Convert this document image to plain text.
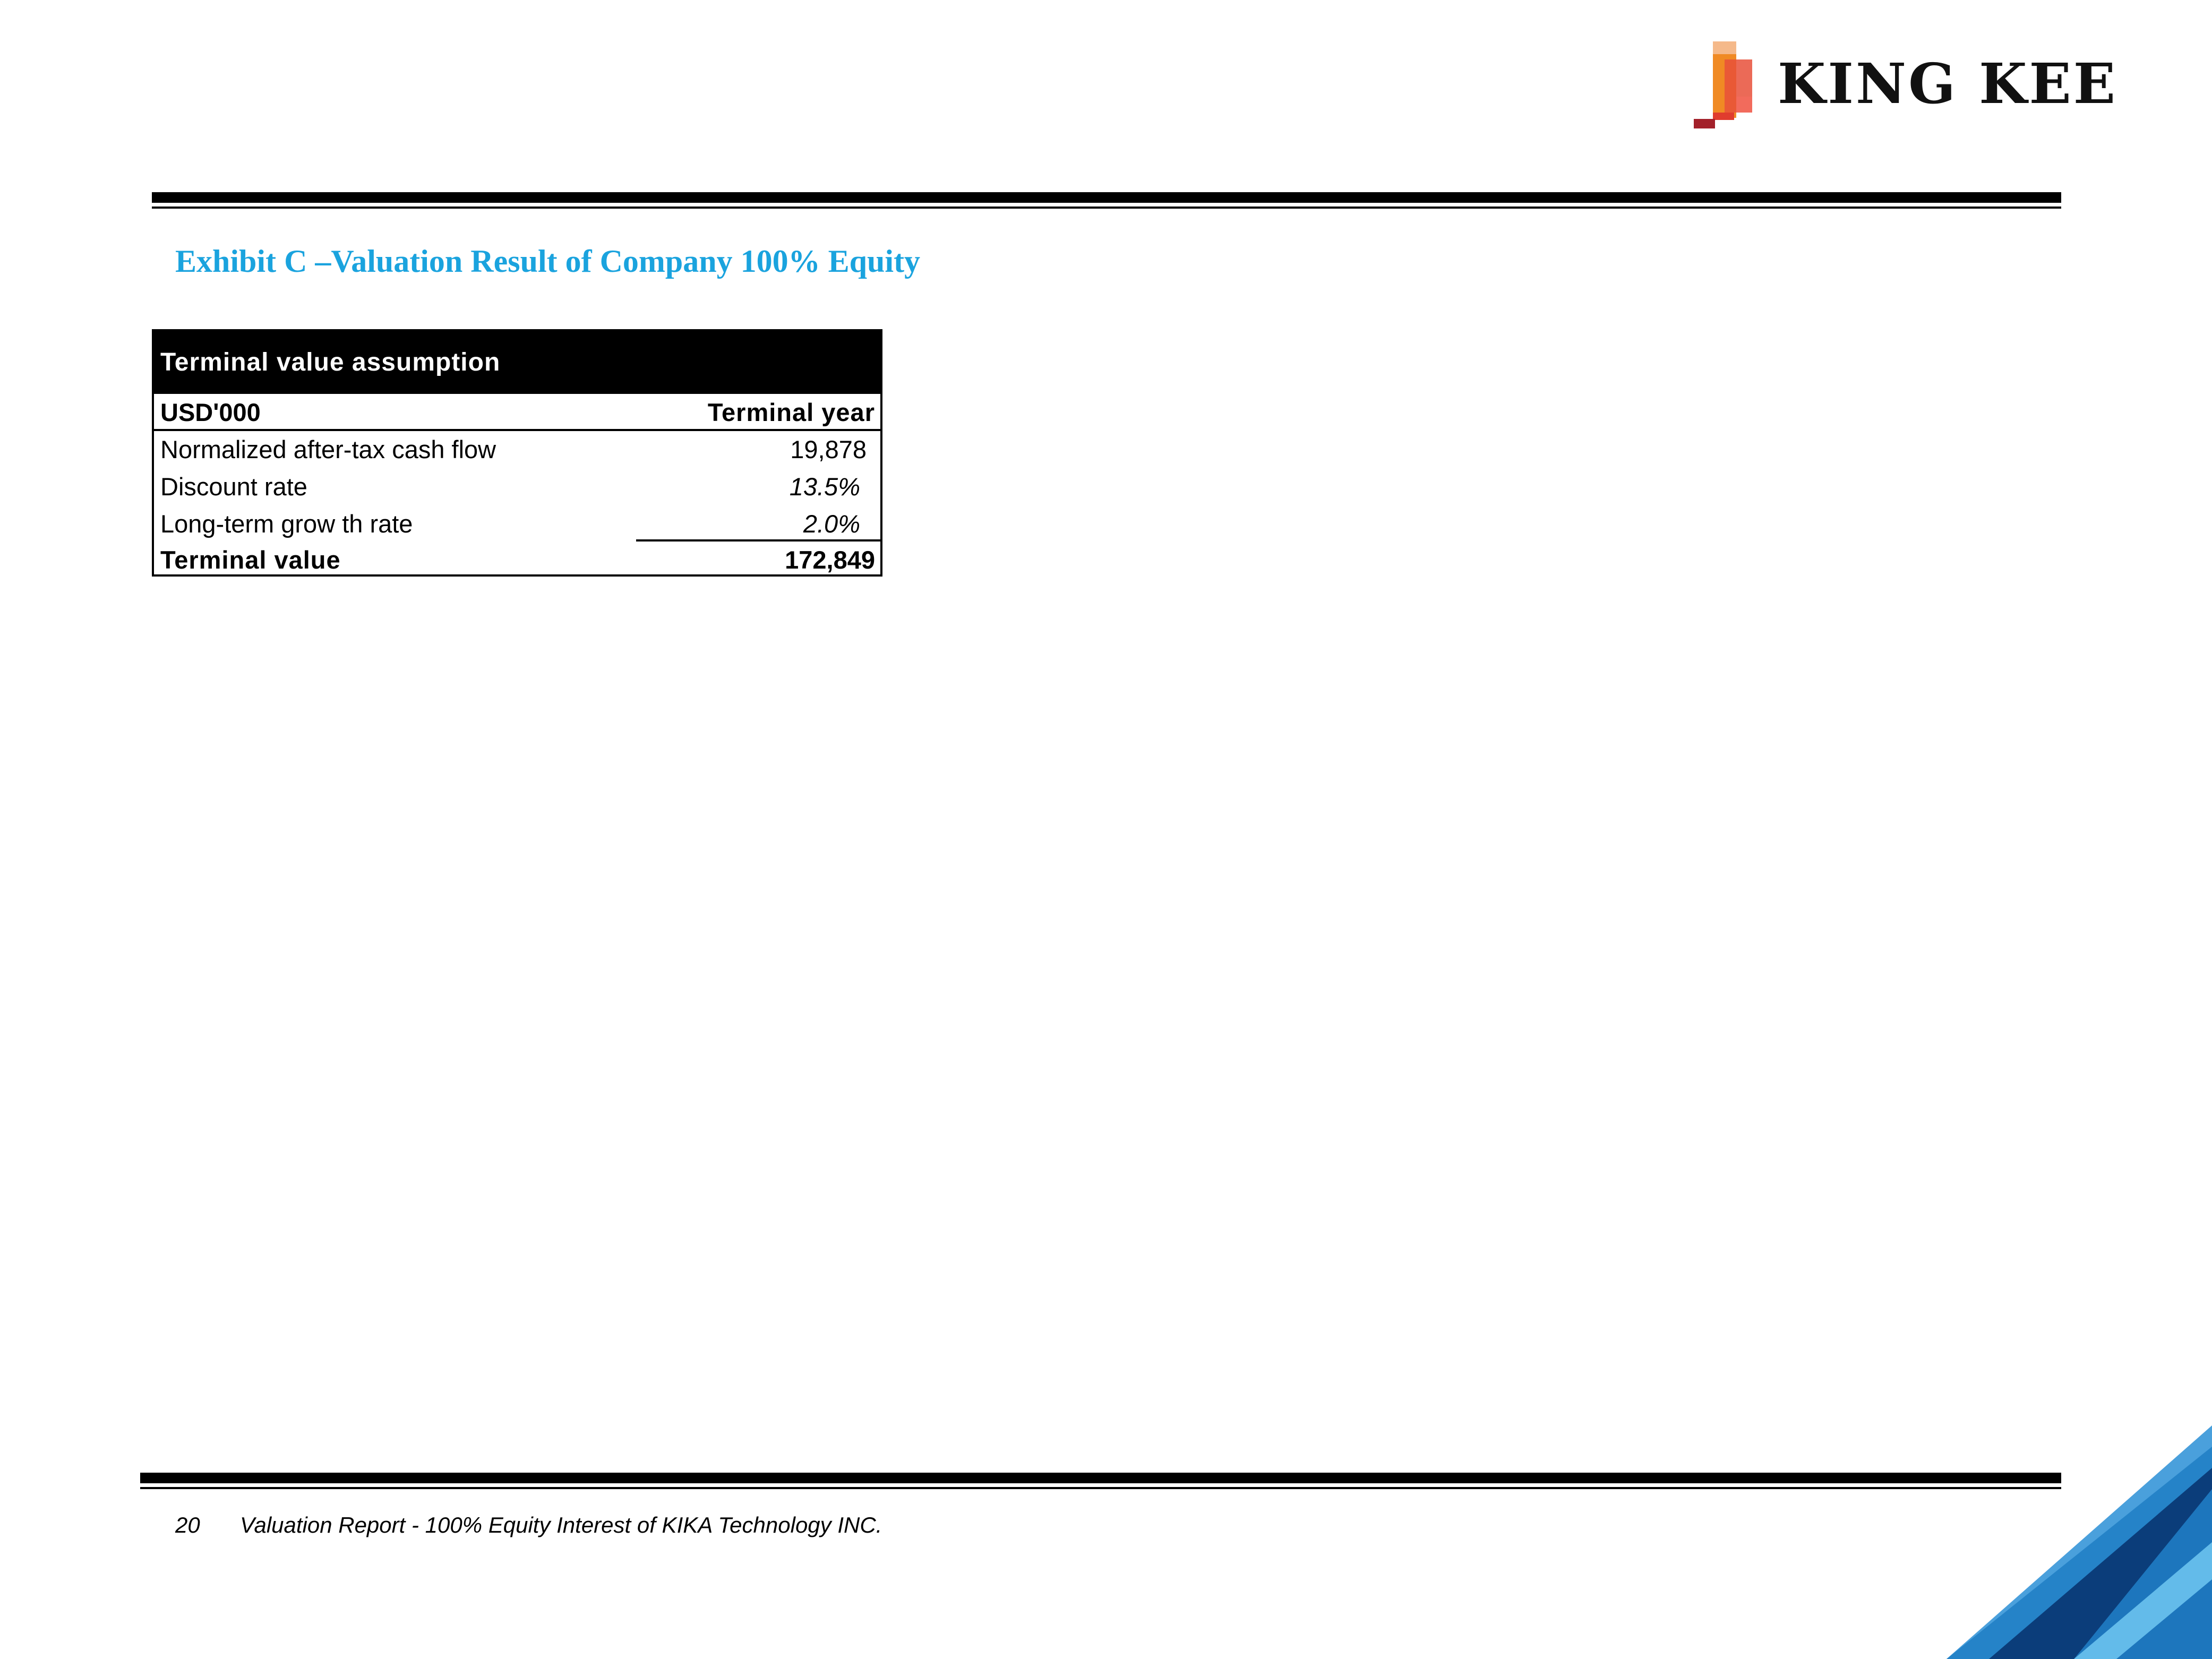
KING KEE
Exhibit C –Valuation Result of Company 100% Equity
Terminal value assumption
USD'000	Terminal year
Normalized after-tax cash flow	19,878
Discount rate	13.5%
Long-term grow th rate	2.0%
Terminal value	172,849
20 Valuation Report - 100% Equity Interest of KIKA Technology INC.
